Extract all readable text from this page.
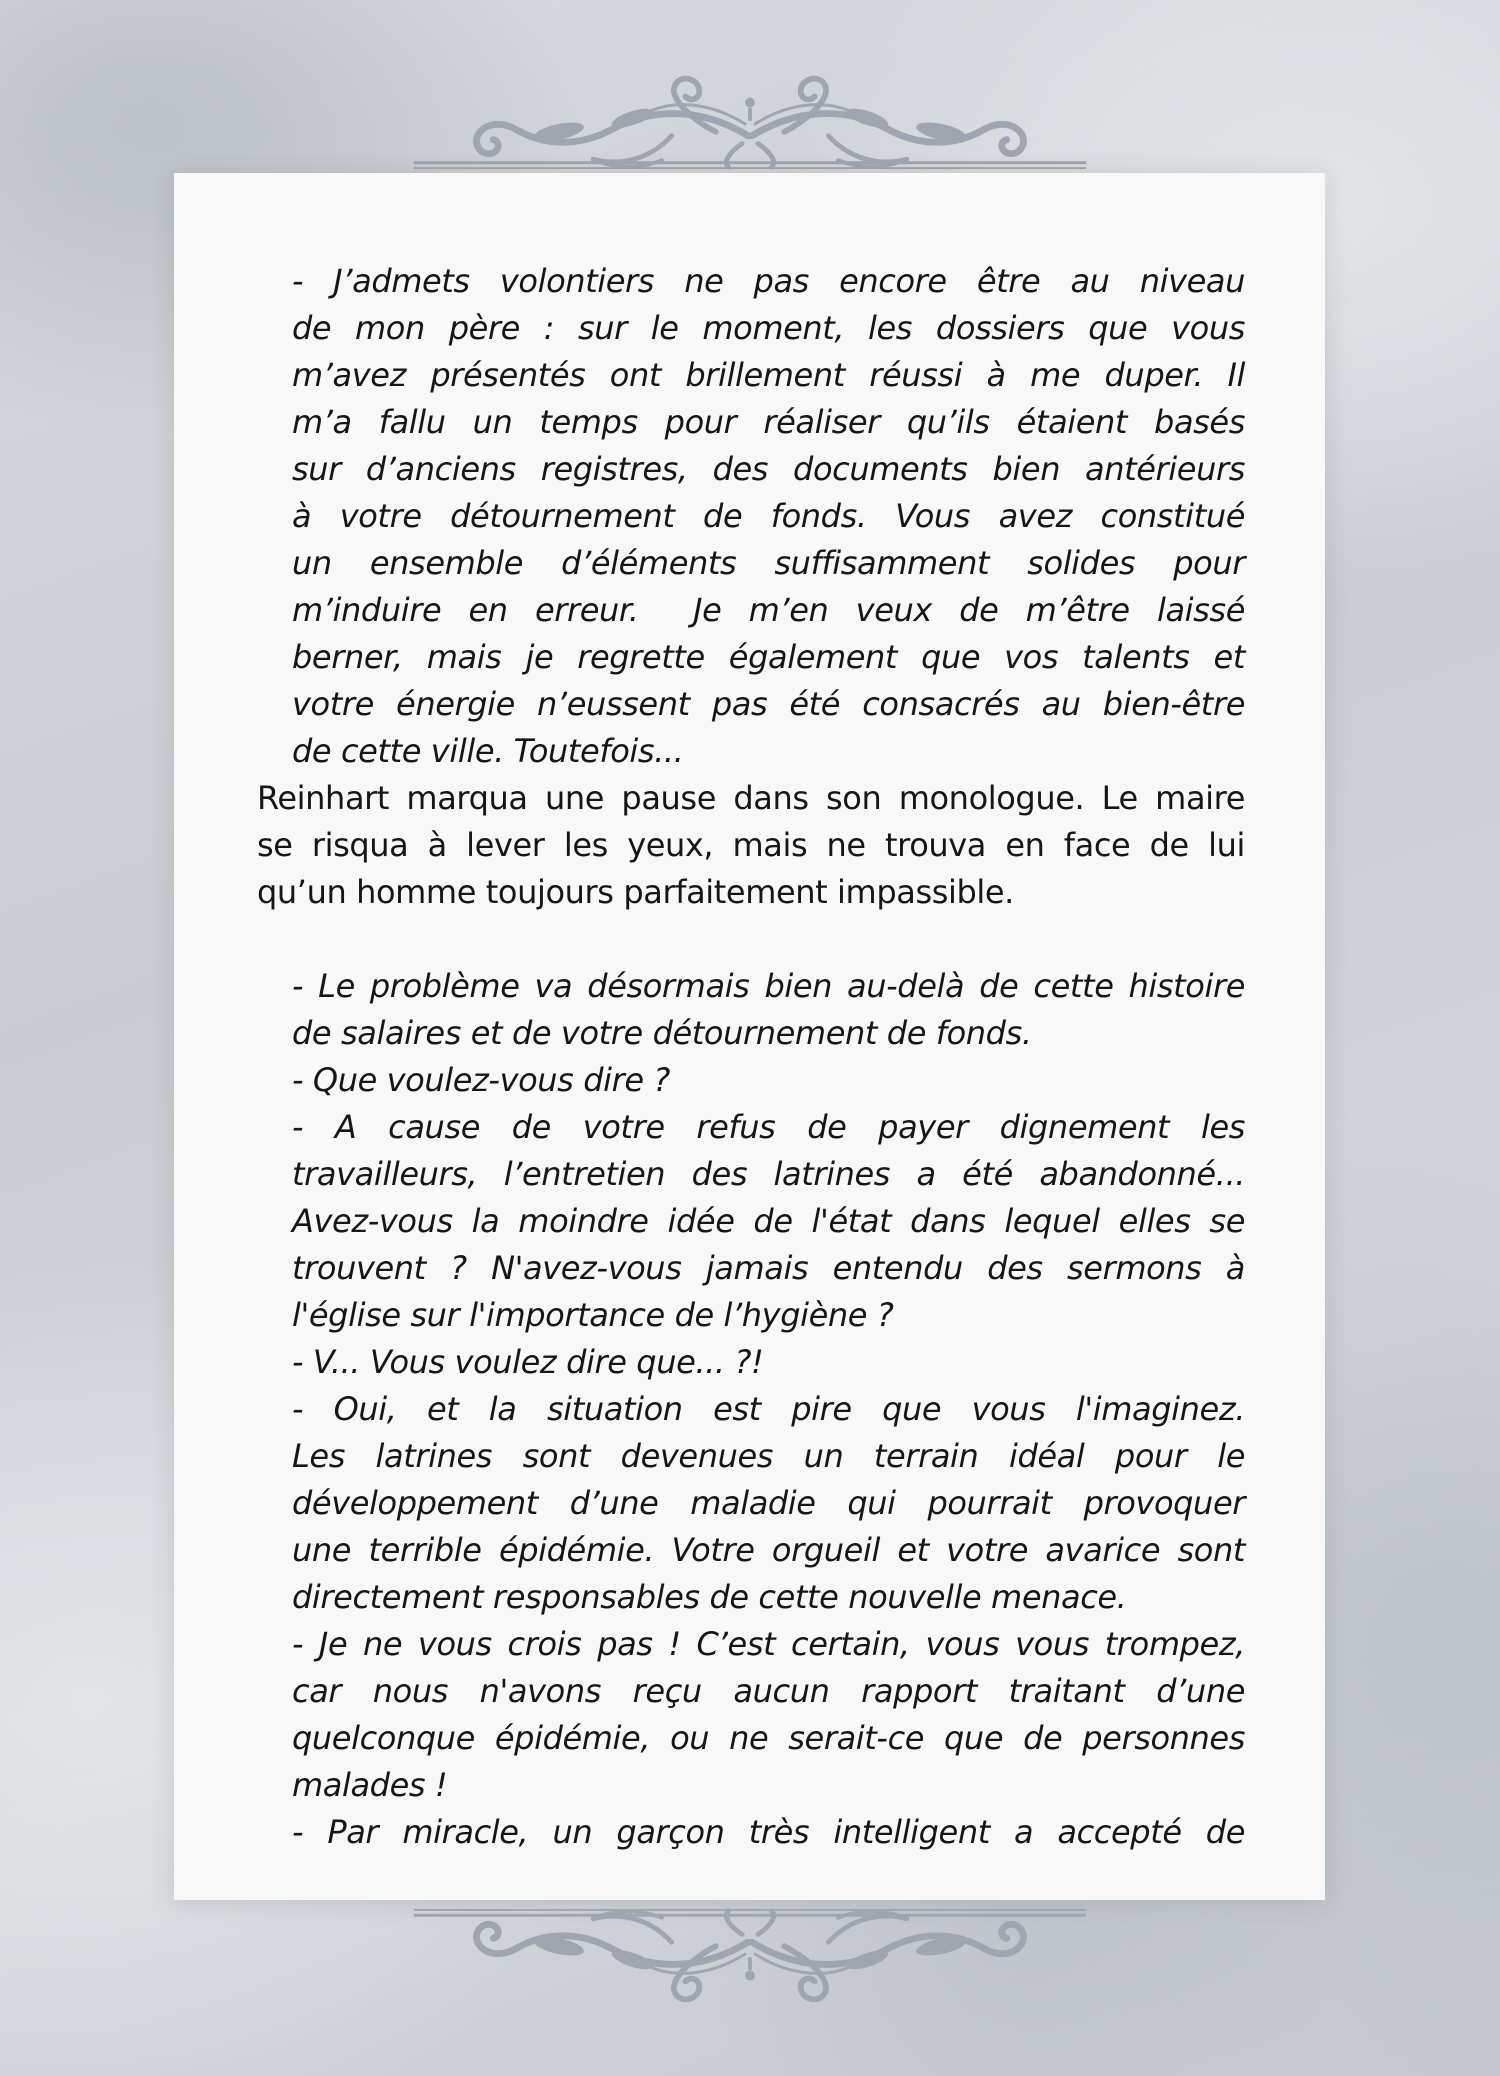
- J’admets volontiers ne pas encore être au niveau
de mon père : sur le moment, les dossiers que vous
m’avez présentés ont brillement réussi à me duper. Il
m’a fallu un temps pour réaliser qu’ils étaient basés
sur d’anciens registres, des documents bien antérieurs
à votre détournement de fonds. Vous avez constitué
un ensemble d’éléments suffisamment solides pour
m’induire en erreur.  Je m’en veux de m’être laissé
berner, mais je regrette également que vos talents et
votre énergie n’eussent pas été consacrés au bien-être
de cette ville. Toutefois...
Reinhart marqua une pause dans son monologue. Le maire
se risqua à lever les yeux, mais ne trouva en face de lui
qu’un homme toujours parfaitement impassible.
- Le problème va désormais bien au-delà de cette histoire
de salaires et de votre détournement de fonds.
- Que voulez-vous dire ?
- A cause de votre refus de payer dignement les
travailleurs, l’entretien des latrines a été abandonné...
Avez-vous la moindre idée de l'état dans lequel elles se
trouvent ? N'avez-vous jamais entendu des sermons à
l'église sur l'importance de l’hygiène ?
- V... Vous voulez dire que... ?!
- Oui, et la situation est pire que vous l'imaginez.
Les latrines sont devenues un terrain idéal pour le
développement d’une maladie qui pourrait provoquer
une terrible épidémie. Votre orgueil et votre avarice sont
directement responsables de cette nouvelle menace.
- Je ne vous crois pas ! C’est certain, vous vous trompez,
car nous n'avons reçu aucun rapport traitant d’une
quelconque épidémie, ou ne serait-ce que de personnes
malades !
- Par miracle, un garçon très intelligent a accepté de
